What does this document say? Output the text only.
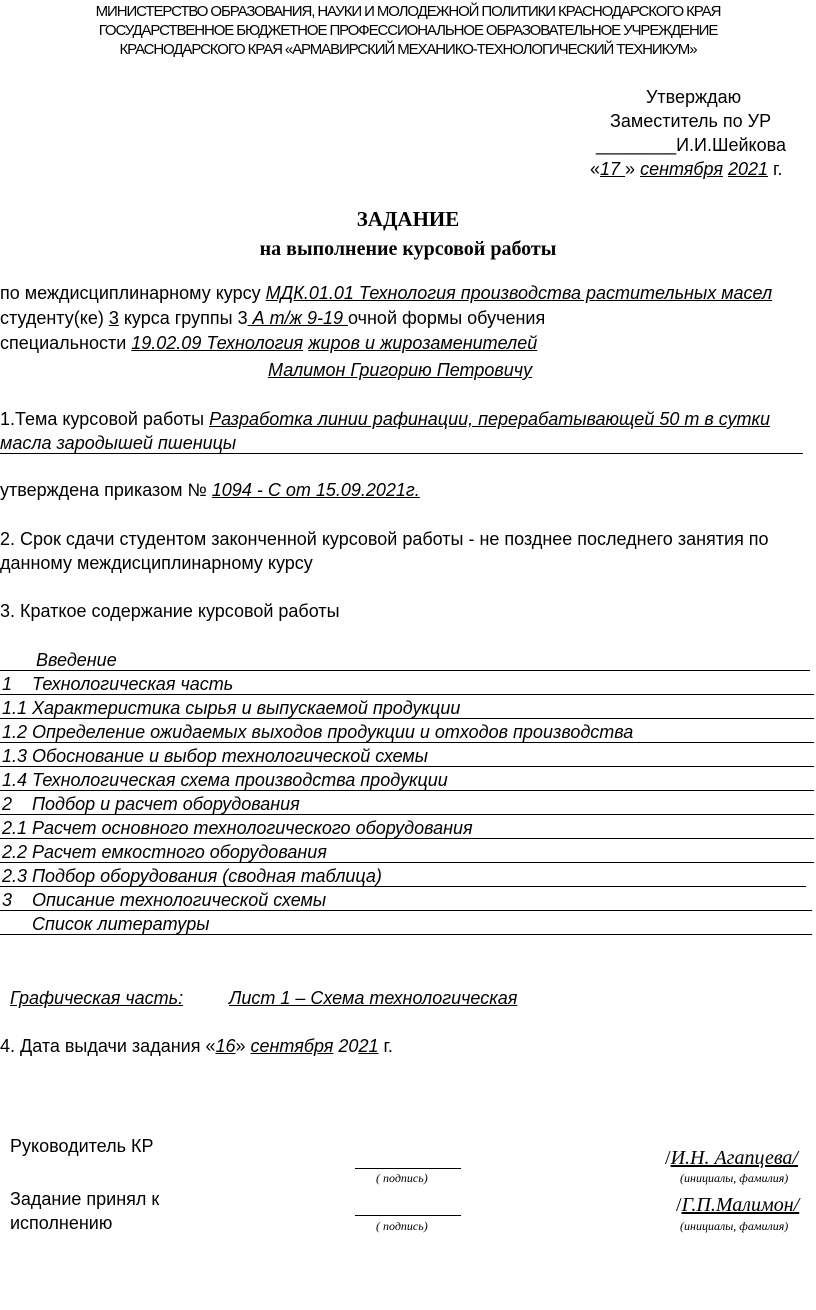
МИНИСТЕРСТВО ОБРАЗОВАНИЯ, НАУКИ И МОЛОДЕЖНОЙ ПОЛИТИКИ КРАСНОДАРСКОГО КРАЯ
ГОСУДАРСТВЕННОЕ БЮДЖЕТНОЕ ПРОФЕССИОНАЛЬНОЕ ОБРАЗОВАТЕЛЬНОЕ УЧРЕЖДЕНИЕ
КРАСНОДАРСКОГО КРАЯ «АРМАВИРСКИЙ МЕХАНИКО-ТЕХНОЛОГИЧЕСКИЙ ТЕХНИКУМ»
Утверждаю
Заместитель по УР
________И.И.Шейкова
«17 » сентября 2021 г.
ЗАДАНИЕ
на выполнение курсовой работы
по междисциплинарному курсу МДК.01.01 Технология производства растительных масел
студенту(ке) 3 курса группы 3 А т/ж 9-19 очной формы обучения
специальности 19.02.09 Технология жиров и жирозаменителей
Малимон Григорию Петровичу
1.Тема курсовой работы Разработка линии рафинации, перерабатывающей 50 т в сутки
масла зародышей пшеницы
утверждена приказом № 1094 - С от 15.09.2021г.
2. Срок сдачи студентом законченной курсовой работы - не позднее последнего занятия по
данному междисциплинарному курсу
3. Краткое содержание курсовой работы
Введение
1 Технологическая часть
1.1 Характеристика сырья и выпускаемой продукции
1.2 Определение ожидаемых выходов продукции и отходов производства
1.3 Обоснование и выбор технологической схемы
1.4 Технологическая схема производства продукции
2 Подбор и расчет оборудования
2.1 Расчет основного технологического оборудования
2.2 Расчет емкостного оборудования
2.3 Подбор оборудования (сводная таблица)
3 Описание технологической схемы
Список литературы
Графическая часть:	Лист 1 – Схема технологическая
4. Дата выдачи задания «16» сентября 2021 г.
Руководитель КР
( подпись)
/И.Н. Агапцева/
(инициалы, фамилия)
Задание принял к
исполнению	( подпись)
/Г.П.Малимон/
(инициалы, фамилия)
